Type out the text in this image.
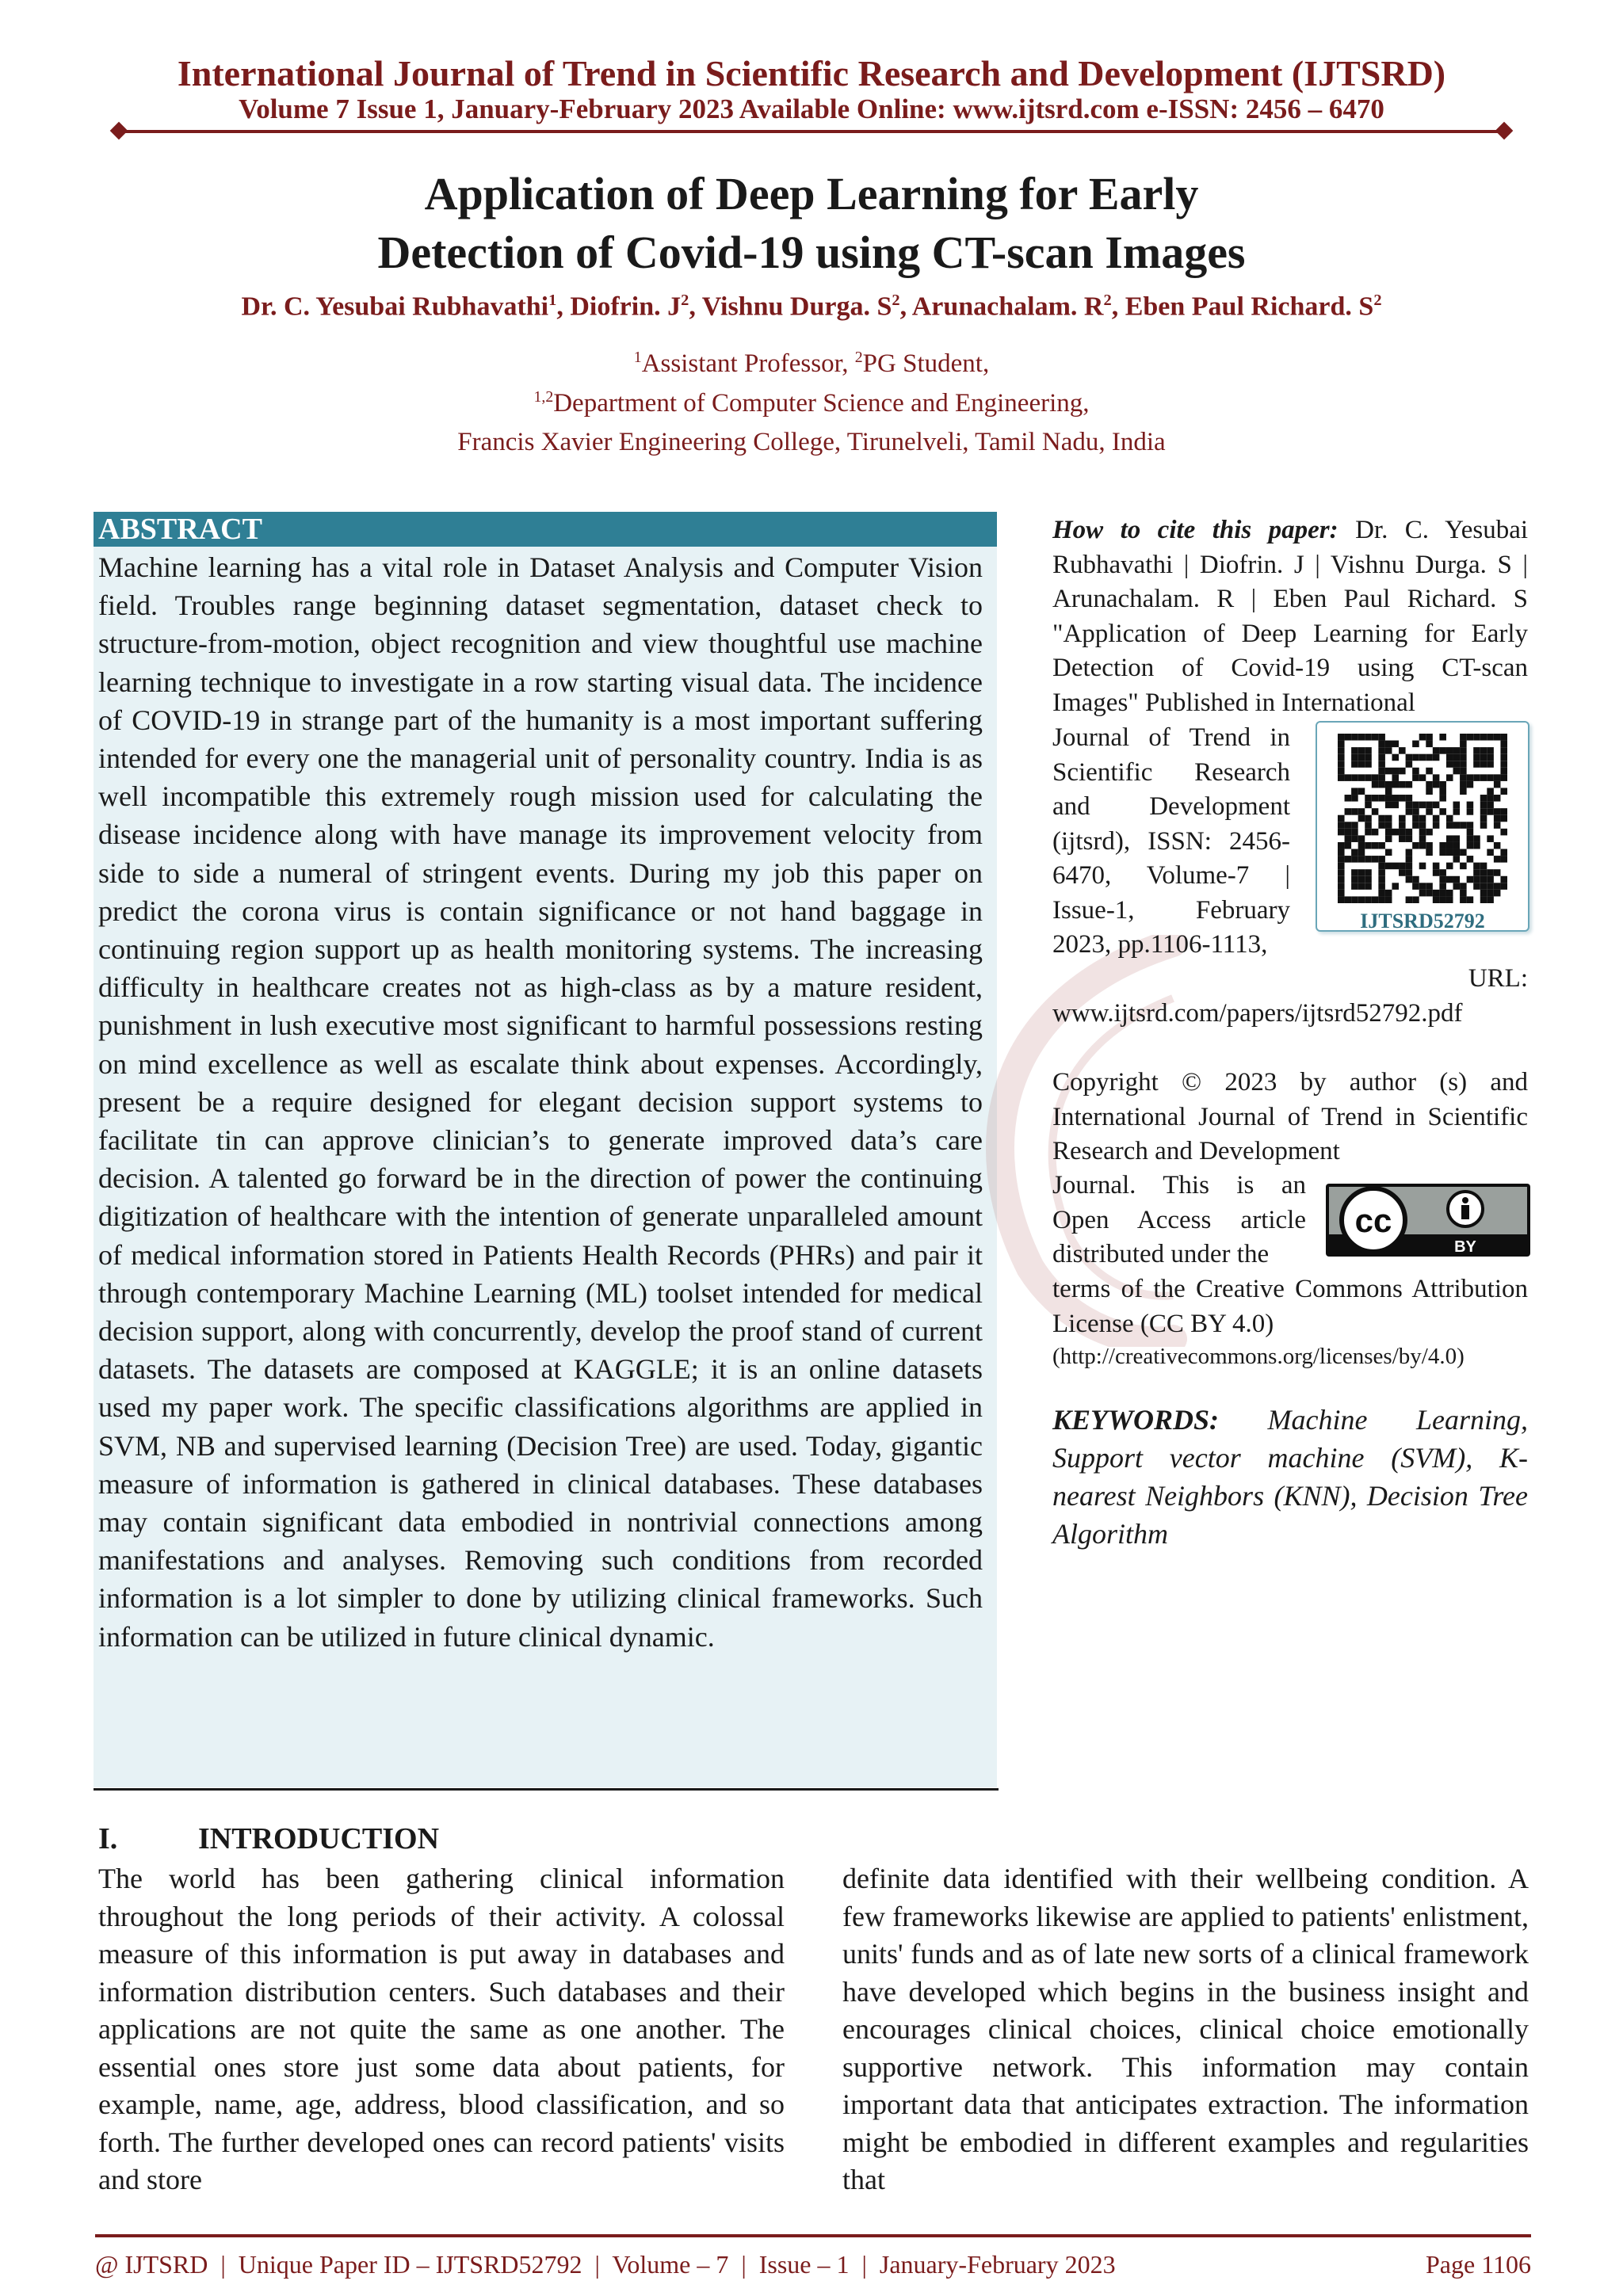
International Journal of Trend in Scientific Research and Development (IJTSRD)
Volume 7 Issue 1, January-February 2023 Available Online: www.ijtsrd.com e-ISSN: 2456 – 6470
Application of Deep Learning for Early
Detection of Covid-19 using CT-scan Images
Dr. C. Yesubai Rubhavathi$^1$, Diofrin. $J^2$, Vishnu Durga. $S^2$, Arunachalam. $R^2$, Eben Paul Richard. $S^2$
$^1$Assistant Professor, $^2$PG Student,
$^{1,2}$Department of Computer Science and Engineering,
Francis Xavier Engineering College, Tirunelveli, Tamil Nadu, India
ABSTRACT
Machine learning has a vital role in Dataset Analysis and Computer Vision field. Troubles range beginning dataset segmentation, dataset check to structure-from-motion, object recognition and view thoughtful use machine learning technique to investigate in a row starting visual data. The incidence of COVID-19 in strange part of the humanity is a most important suffering intended for every one the managerial unit of personality country. India is as well incompatible this extremely rough mission used for calculating the disease incidence along with have manage its improvement velocity from side to side a numeral of stringent events. During my job this paper on predict the corona virus is contain significance or not hand baggage in continuing region support up as health monitoring systems. The increasing difficulty in healthcare creates not as high-class as by a mature resident, punishment in lush executive most significant to harmful possessions resting on mind excellence as well as escalate think about expenses. Accordingly, present be a require designed for elegant decision support systems to facilitate tin can approve clinician’s to generate improved data’s care decision. A talented go forward be in the direction of power the continuing digitization of healthcare with the intention of generate unparalleled amount of medical information stored in Patients Health Records (PHRs) and pair it through contemporary Machine Learning (ML) toolset intended for medical decision support, along with concurrently, develop the proof stand of current datasets. The datasets are composed at KAGGLE; it is an online datasets used my paper work. The specific classifications algorithms are applied in SVM, NB and supervised learning (Decision Tree) are used. Today, gigantic measure of information is gathered in clinical databases. These databases may contain significant data embodied in nontrivial connections among manifestations and analyses. Removing such conditions from recorded information is a lot simpler to done by utilizing clinical frameworks. Such information can be utilized in future clinical dynamic.
How to cite this paper: Dr. C. Yesubai Rubhavathi | Diofrin. J | Vishnu Durga. S | Arunachalam. R | Eben Paul Richard. S "Application of Deep Learning for Early Detection of Covid-19 using CT-scan Images" Published in International
Journal of Trend in Scientific Research and Development (ijtsrd), ISSN: 2456-6470, Volume-7 | Issue-1, February 2023, pp.1106-1113,
URL:
www.ijtsrd.com/papers/ijtsrd52792.pdf
IJTSRD52792
Copyright © 2023 by author (s) and International Journal of Trend in Scientific Research and Development
Journal. This is an Open Access article distributed under the
cc
BY
terms of the Creative Commons Attribution License (CC BY 4.0)
(http://creativecommons.org/licenses/by/4.0)
KEYWORDS: Machine Learning, Support vector machine (SVM), K-nearest Neighbors (KNN), Decision Tree Algorithm
I.	INTRODUCTION
The world has been gathering clinical information throughout the long periods of their activity. A colossal measure of this information is put away in databases and information distribution centers. Such databases and their applications are not quite the same as one another. The essential ones store just some data about patients, for example, name, age, address, blood classification, and so forth. The further developed ones can record patients' visits and store
definite data identified with their wellbeing condition. A few frameworks likewise are applied to patients' enlistment, units' funds and as of late new sorts of a clinical framework have developed which begins in the business insight and encourages clinical choices, clinical choice emotionally supportive network. This information may contain important data that anticipates extraction. The information might be embodied in different examples and regularities that
@ IJTSRD  |  Unique Paper ID – IJTSRD52792  |  Volume – 7  |  Issue – 1  |  January-February 2023	Page 1106
